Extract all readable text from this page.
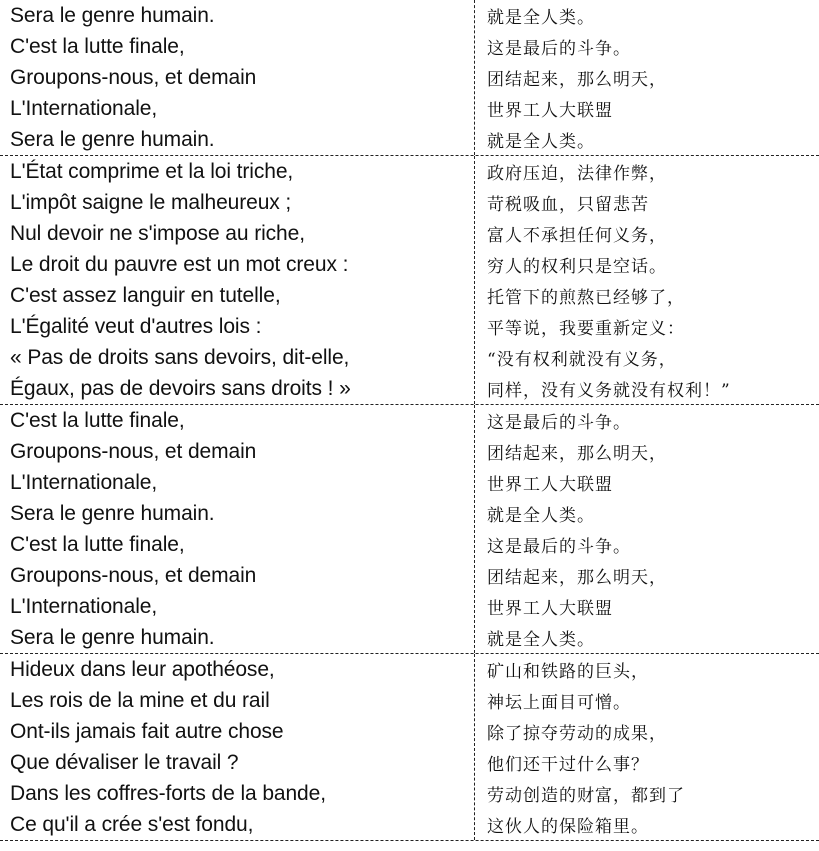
Sera le genre humain.	就是全人类。
C'est la lutte finale,	这是最后的斗争。
Groupons-nous, et demain	团结起来，那么明天，
L'Internationale,	世界工人大联盟
Sera le genre humain.	就是全人类。
L'État comprime et la loi triche,	政府压迫，法律作弊，
L'impôt saigne le malheureux ;	苛税吸血，只留悲苦
Nul devoir ne s'impose au riche,	富人不承担任何义务，
Le droit du pauvre est un mot creux :	穷人的权利只是空话。
C'est assez languir en tutelle,	托管下的煎熬已经够了，
L'Égalité veut d'autres lois :	平等说，我要重新定义：
« Pas de droits sans devoirs, dit-elle,	“没有权利就没有义务，
Égaux, pas de devoirs sans droits ! »	同样，没有义务就没有权利！”
C'est la lutte finale,	这是最后的斗争。
Groupons-nous, et demain	团结起来，那么明天，
L'Internationale,	世界工人大联盟
Sera le genre humain.	就是全人类。
C'est la lutte finale,	这是最后的斗争。
Groupons-nous, et demain	团结起来，那么明天，
L'Internationale,	世界工人大联盟
Sera le genre humain.	就是全人类。
Hideux dans leur apothéose,	矿山和铁路的巨头，
Les rois de la mine et du rail	神坛上面目可憎。
Ont-ils jamais fait autre chose	除了掠夺劳动的成果，
Que dévaliser le travail ?	他们还干过什么事？
Dans les coffres-forts de la bande,	劳动创造的财富，都到了
Ce qu'il a crée s'est fondu,	这伙人的保险箱里。
